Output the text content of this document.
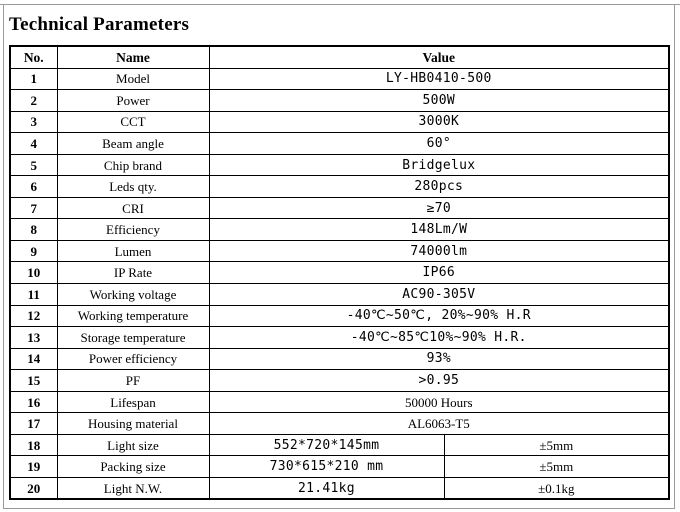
Technical Parameters
No.	Name	Value	
1	Model	LY-HB0410-500	
2	Power	500W	
3	CCT	3000K	
4	Beam angle	60°	
5	Chip brand	Bridgelux	
6	Leds qty.	280pcs	
7	CRI	≥70	
8	Efficiency	148Lm/W	
9	Lumen	74000lm	
10	IP Rate	IP66	
11	Working voltage	AC90-305V	
12	Working temperature	-40℃~50℃, 20%~90% H.R	
13	Storage temperature	-40℃~85℃10%~90% H.R.	
14	Power efficiency	93%	
15	PF	>0.95	
16	Lifespan	50000 Hours	
17	Housing material	AL6063-T5	
18	Light size	552*720*145mm	±5mm
19	Packing size	730*615*210 mm	±5mm
20	Light N.W.	21.41kg	±0.1kg
